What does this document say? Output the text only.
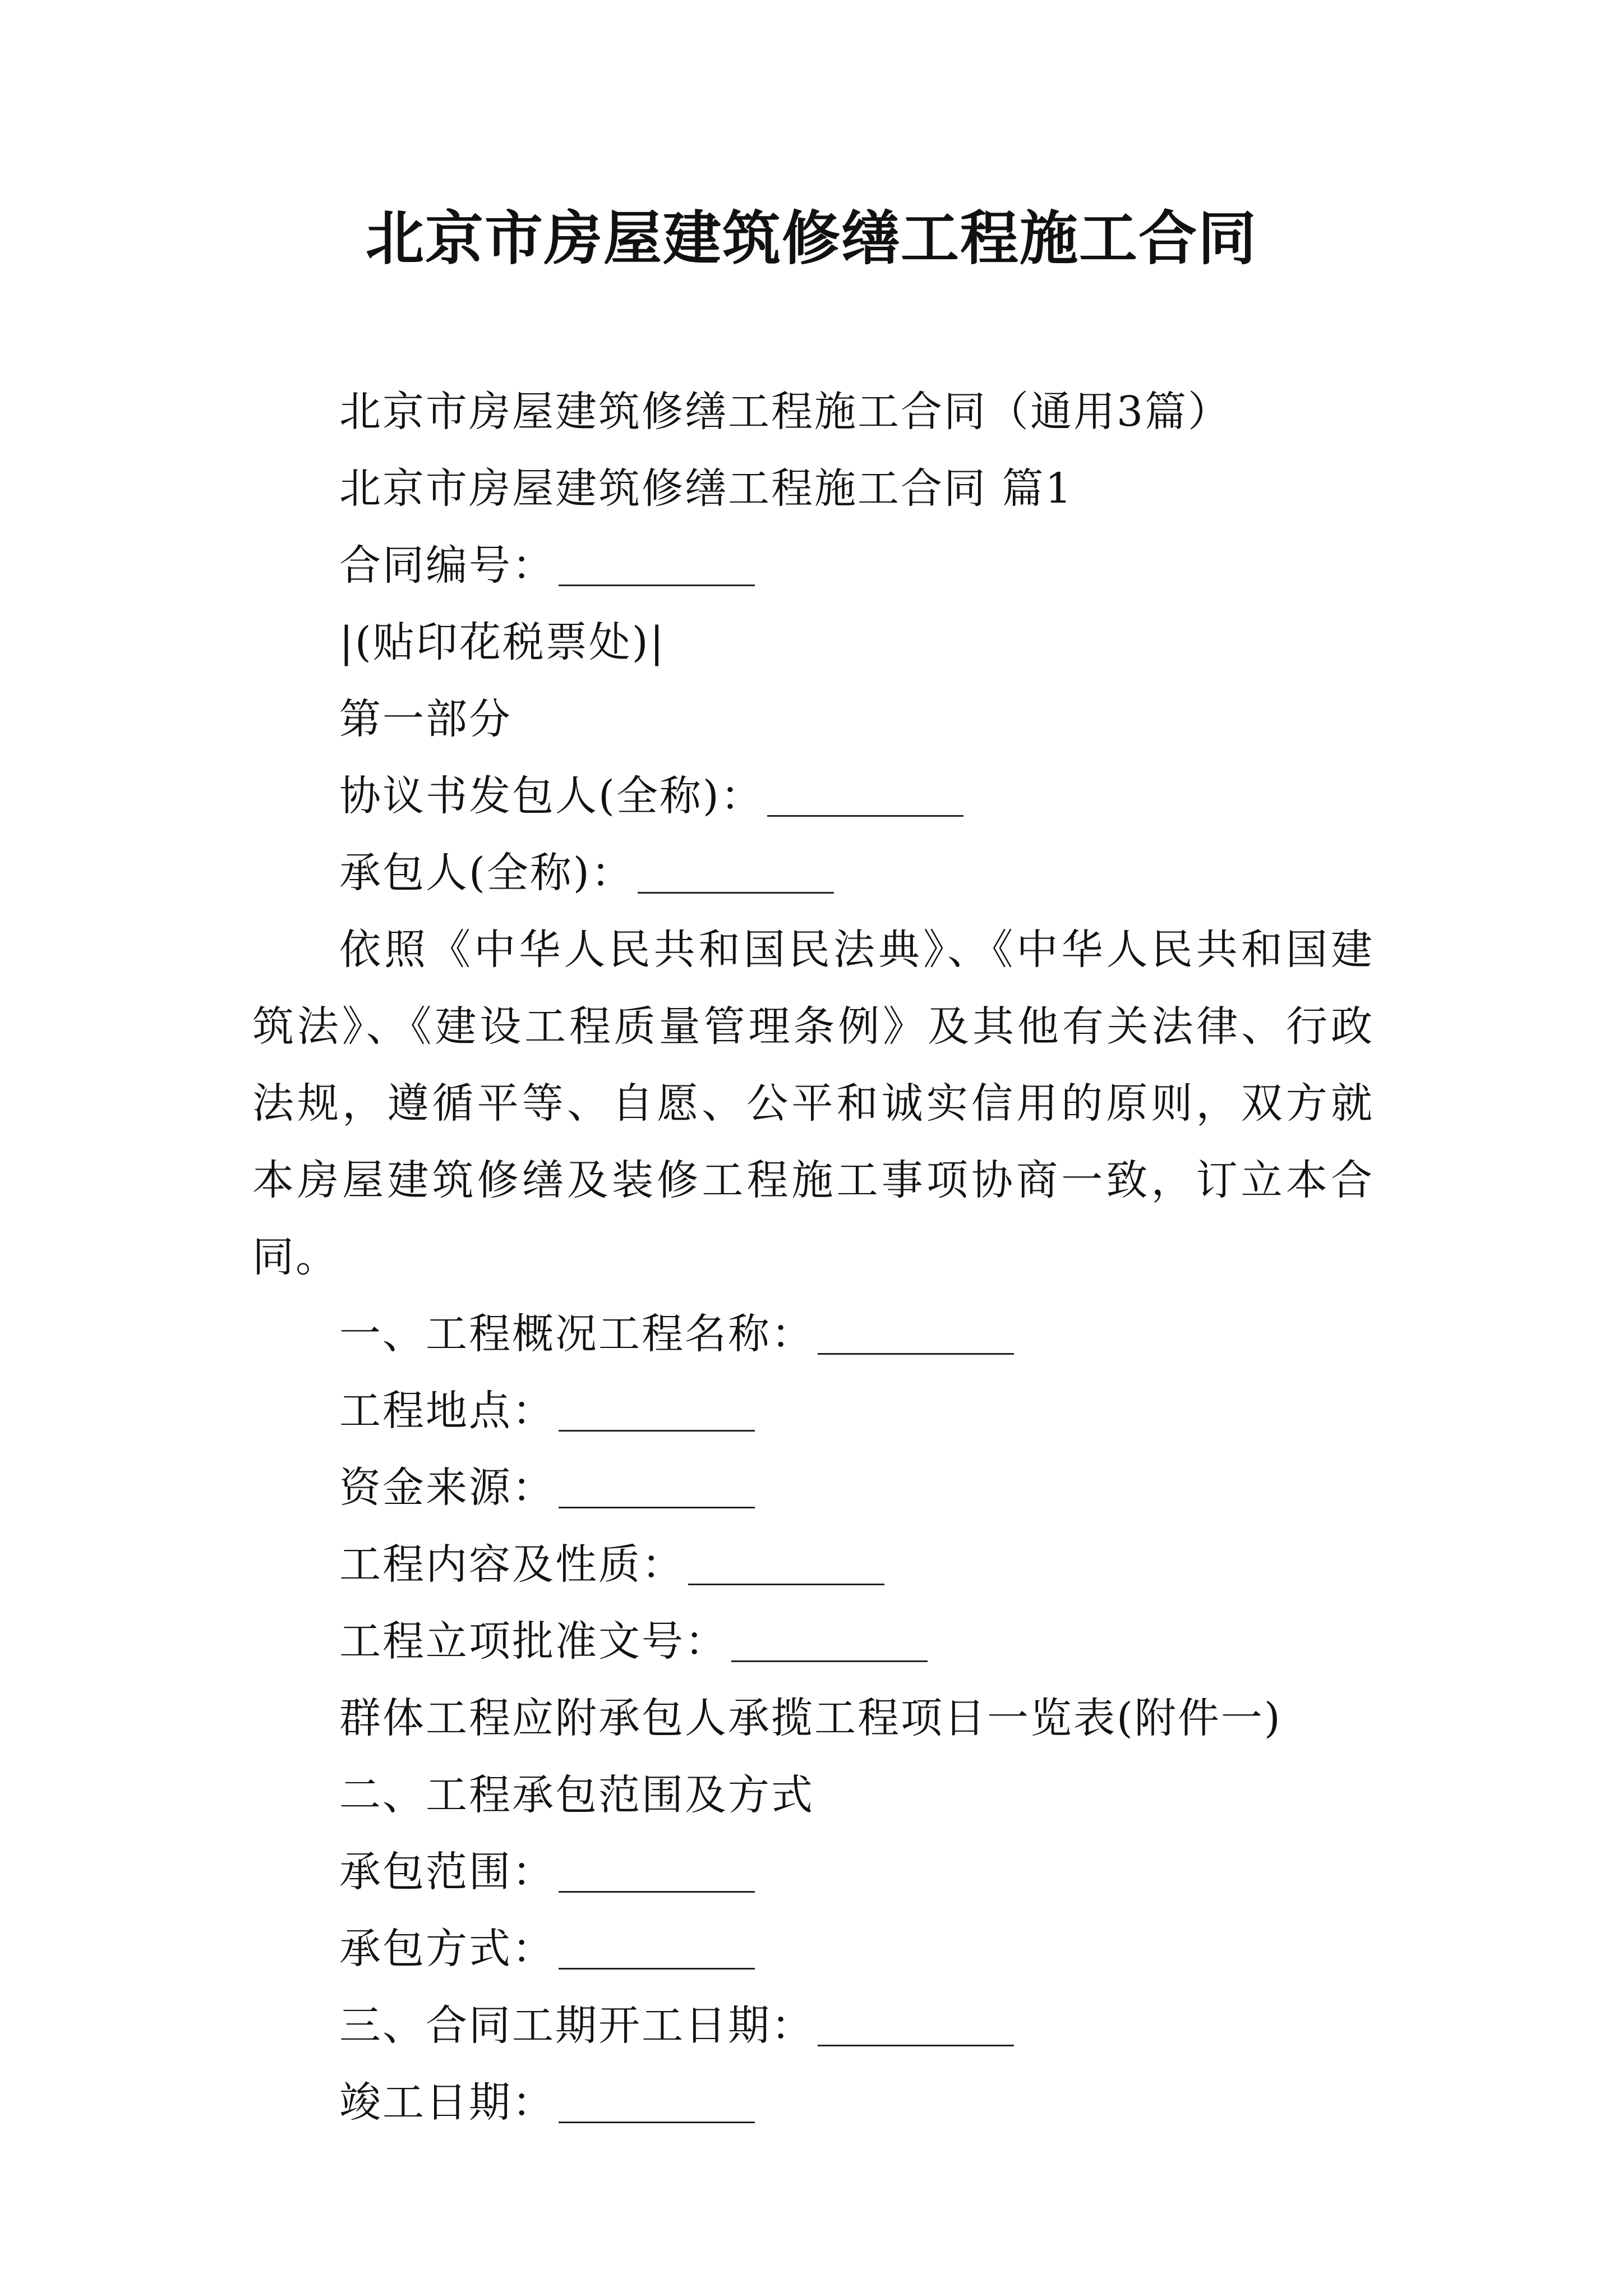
北京市房屋建筑修缮工程施工合同
北京市房屋建筑修缮工程施工合同（通用3篇）
北京市房屋建筑修缮工程施工合同 篇1
合同编号：
|(贴印花税票处)|
第一部分
协议书发包人(全称)：
承包人(全称)：
依照《中华人民共和国民法典》、《中华人民共和国建筑法》、《建设工程质量管理条例》及其他有关法律、行政法规，遵循平等、自愿、公平和诚实信用的原则，双方就本房屋建筑修缮及装修工程施工事项协商一致，订立本合同。
一、工程概况工程名称：
工程地点：
资金来源：
工程内容及性质：
工程立项批准文号：
群体工程应附承包人承揽工程项日一览表(附件一)
二、工程承包范围及方式
承包范围：
承包方式：
三、合同工期开工日期：
竣工日期：
